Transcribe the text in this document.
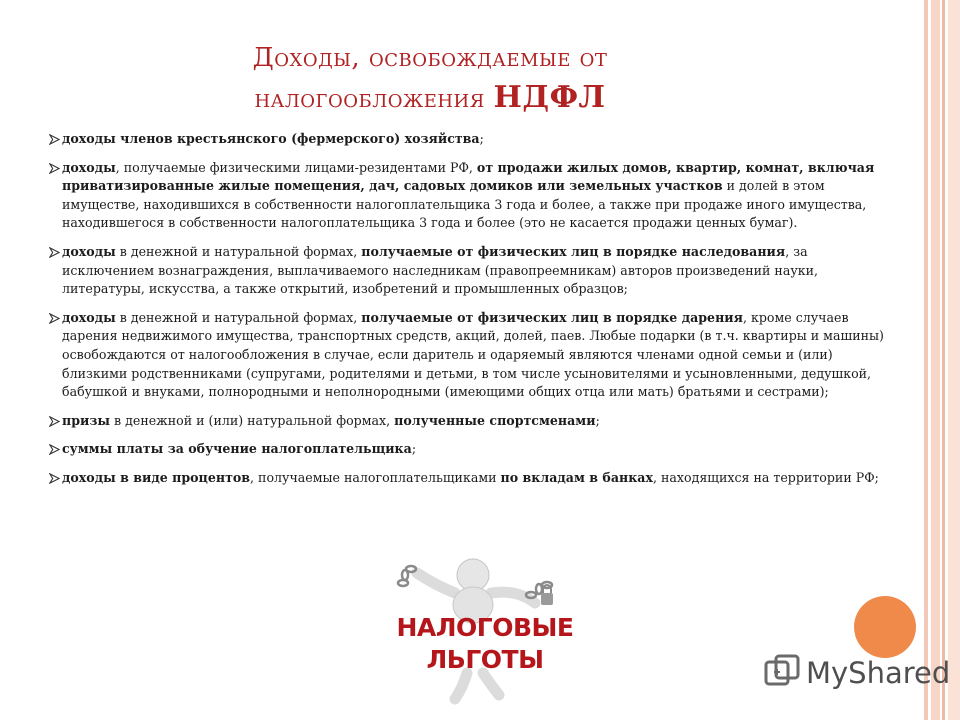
Доходы, освобождаемые от
налогообложения НДФЛ
доходы членов крестьянского (фермерского) хозяйства;
доходы, получаемые физическими лицами-резидентами РФ, от продажи жилых домов, квартир, комнат, включая приватизированные жилые помещения, дач, садовых домиков или земельных участков и долей в этом имуществе, находившихся в собственности налогоплательщика 3 года и более, а также при продаже иного имущества, находившегося в собственности налогоплательщика 3 года и более (это не касается продажи ценных бумаг).
доходы в денежной и натуральной формах, получаемые от физических лиц в порядке наследования, за исключением вознаграждения, выплачиваемого наследникам (правопреемникам) авторов произведений науки, литературы, искусства, а также открытий, изобретений и промышленных образцов;
доходы в денежной и натуральной формах, получаемые от физических лиц в порядке дарения, кроме случаев дарения недвижимого имущества, транспортных средств, акций, долей, паев. Любые подарки (в т.ч. квартиры и машины) освобождаются от налогообложения в случае, если даритель и одаряемый являются членами одной семьи и (или) близкими родственниками (супругами, родителями и детьми, в том числе усыновителями и усыновленными, дедушкой, бабушкой и внуками, полнородными и неполнородными (имеющими общих отца или мать) братьями и сестрами);
призы в денежной и (или) натуральной формах, полученные спортсменами;
суммы платы за обучение налогоплательщика;
доходы в виде процентов, получаемые налогоплательщиками по вкладам в банках, находящихся на территории РФ;
НАЛОГОВЫЕ
ЛЬГОТЫ	MyShared
